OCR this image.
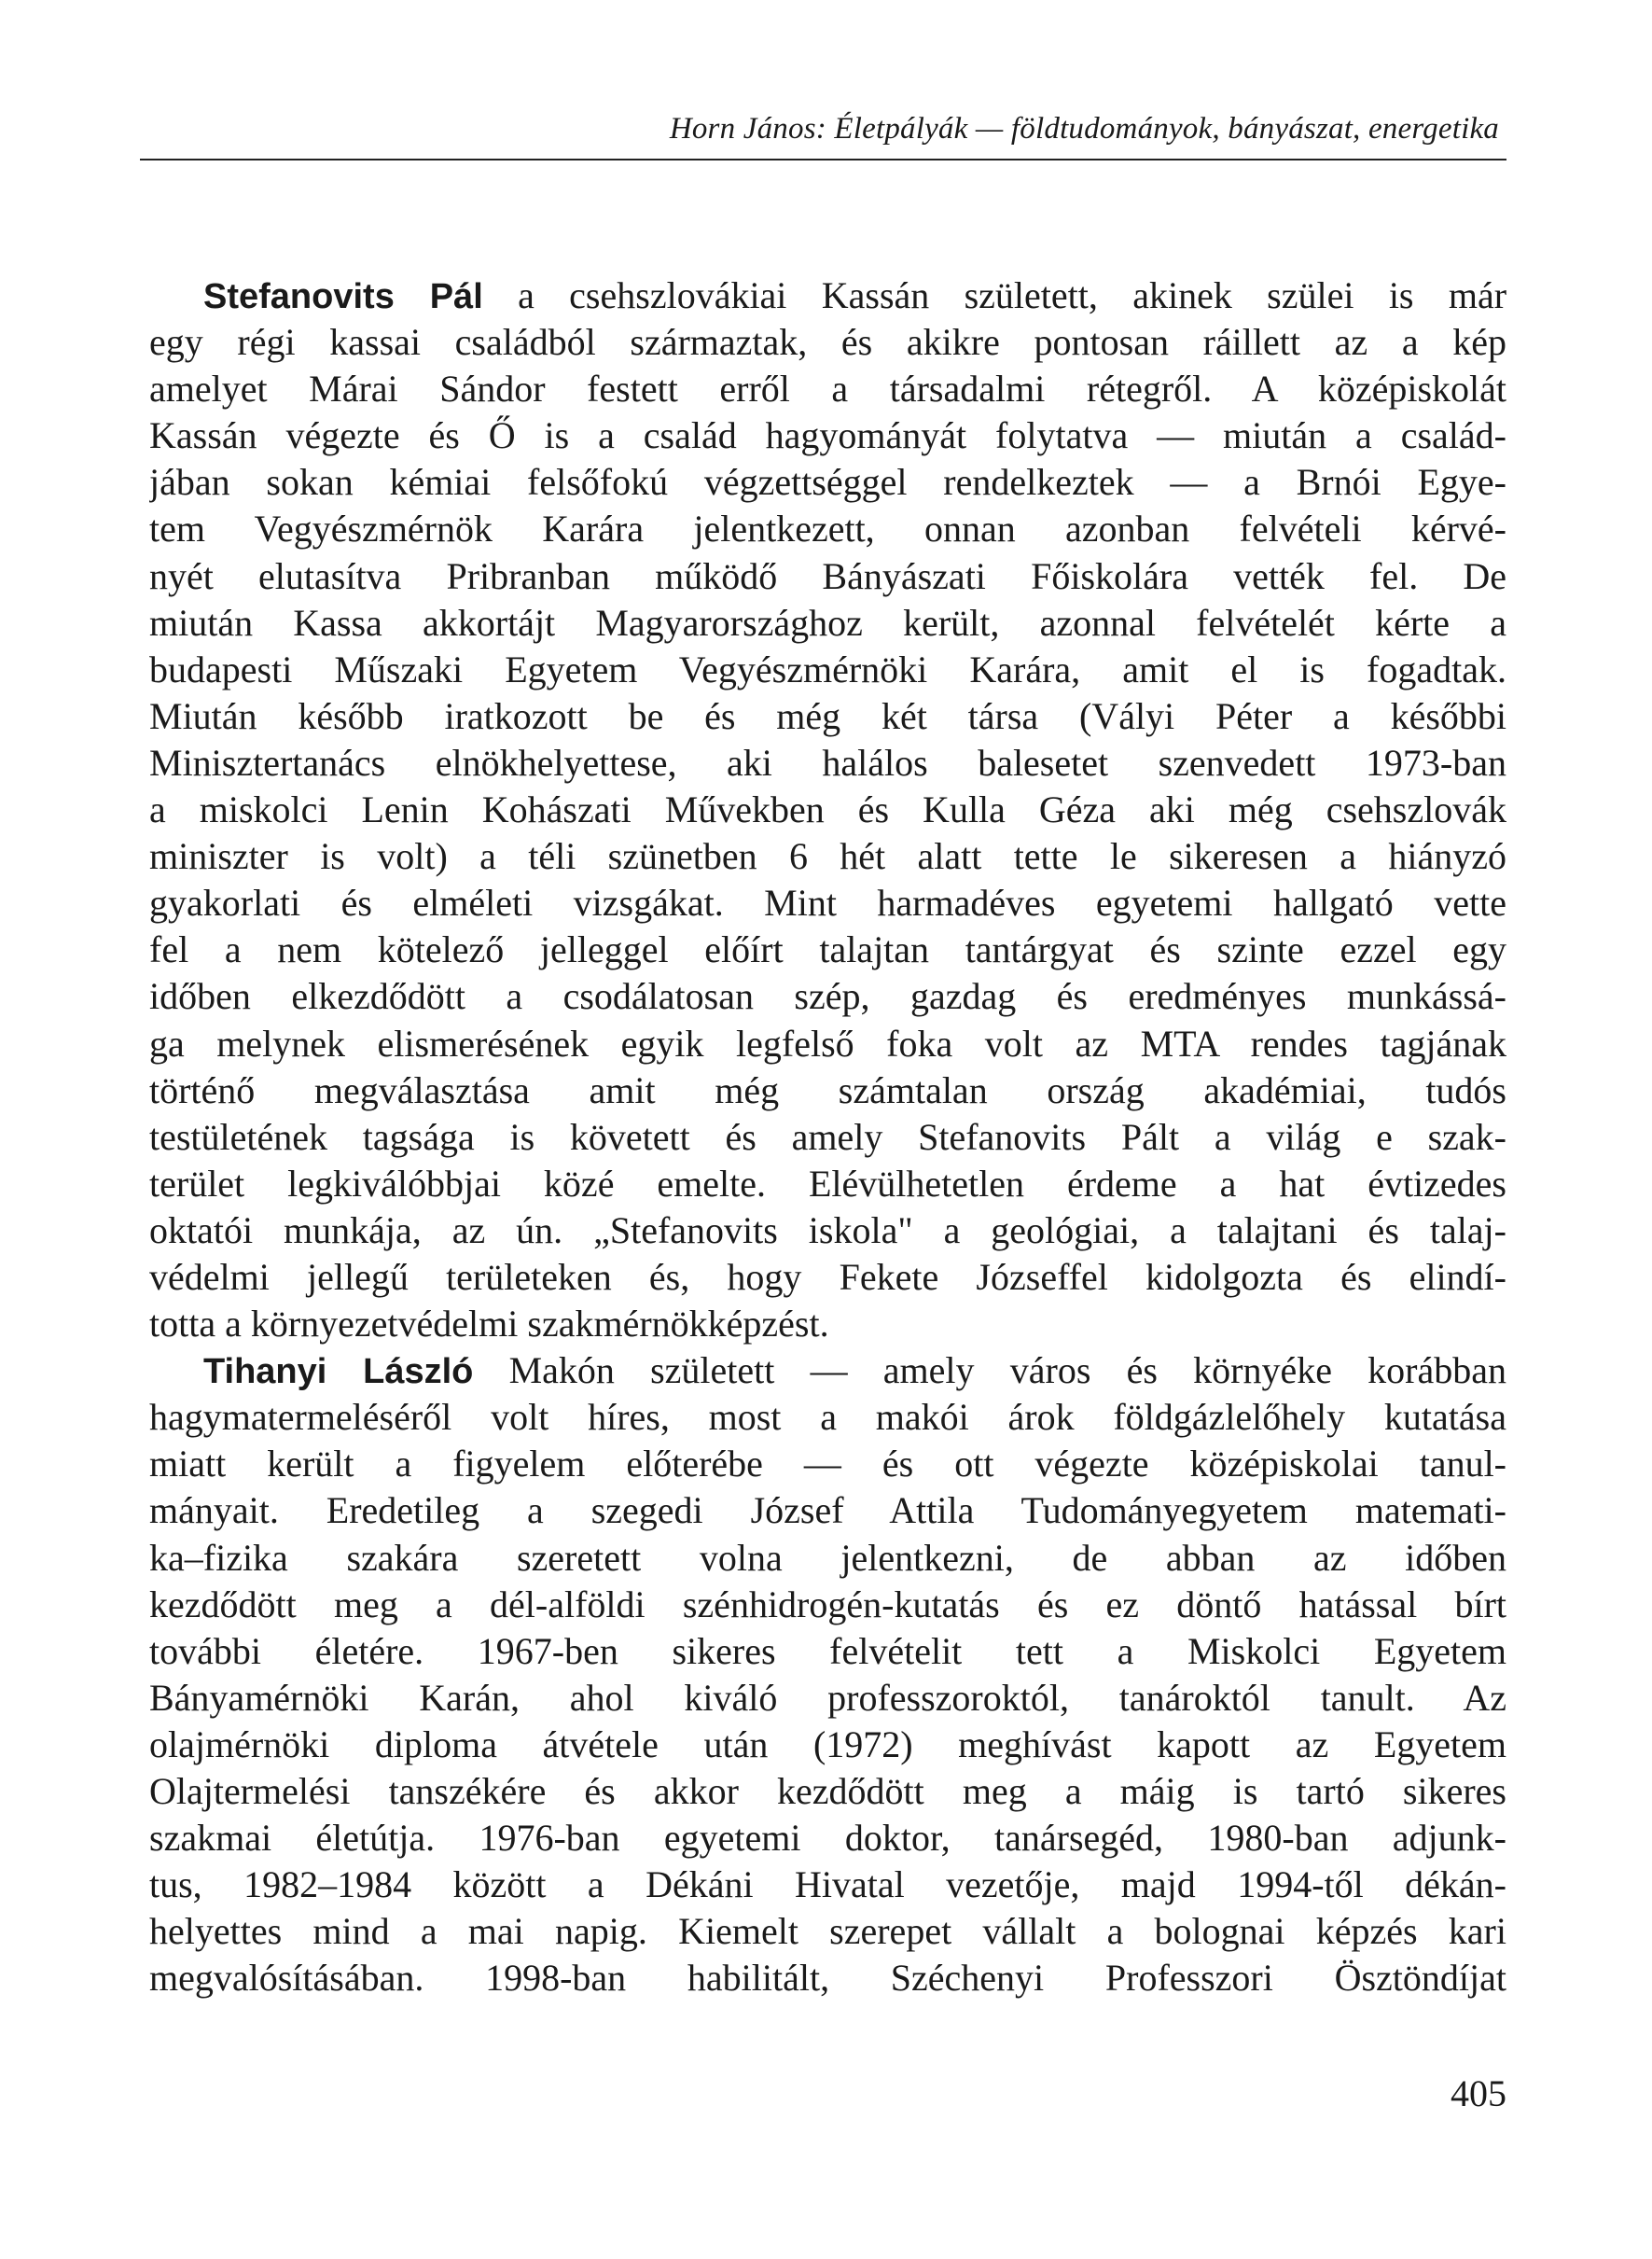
Horn János: Életpályák — földtudományok, bányászat, energetika
Stefanovits Pál a csehszlovákiai Kassán született, akinek szülei is már
egy régi kassai családból származtak, és akikre pontosan ráillett az a kép
amelyet Márai Sándor festett erről a társadalmi rétegről. A középiskolát
Kassán végezte és Ő is a család hagyományát folytatva — miután a család-
jában sokan kémiai felsőfokú végzettséggel rendelkeztek — a Brnói Egye-
tem Vegyészmérnök Karára jelentkezett, onnan azonban felvételi kérvé-
nyét elutasítva Pribranban működő Bányászati Főiskolára vették fel. De
miután Kassa akkortájt Magyarországhoz került, azonnal felvételét kérte a
budapesti Műszaki Egyetem Vegyészmérnöki Karára, amit el is fogadtak.
Miután később iratkozott be és még két társa (Vályi Péter a későbbi
Minisztertanács elnökhelyettese, aki halálos balesetet szenvedett 1973-ban
a miskolci Lenin Kohászati Művekben és Kulla Géza aki még csehszlovák
miniszter is volt) a téli szünetben 6 hét alatt tette le sikeresen a hiányzó
gyakorlati és elméleti vizsgákat. Mint harmadéves egyetemi hallgató vette
fel a nem kötelező jelleggel előírt talajtan tantárgyat és szinte ezzel egy
időben elkezdődött a csodálatosan szép, gazdag és eredményes munkássá-
ga melynek elismerésének egyik legfelső foka volt az MTA rendes tagjának
történő megválasztása amit még számtalan ország akadémiai, tudós
testületének tagsága is követett és amely Stefanovits Pált a világ e szak-
terület legkiválóbbjai közé emelte. Elévülhetetlen érdeme a hat évtizedes
oktatói munkája, az ún. „Stefanovits iskola" a geológiai, a talajtani és talaj-
védelmi jellegű területeken és, hogy Fekete Józseffel kidolgozta és elindí-
totta a környezetvédelmi szakmérnökképzést.
Tihanyi László Makón született — amely város és környéke korábban
hagymatermeléséről volt híres, most a makói árok földgázlelőhely kutatása
miatt került a figyelem előterébe — és ott végezte középiskolai tanul-
mányait. Eredetileg a szegedi József Attila Tudományegyetem matemati-
ka–fizika szakára szeretett volna jelentkezni, de abban az időben
kezdődött meg a dél-alföldi szénhidrogén-kutatás és ez döntő hatással bírt
további életére. 1967-ben sikeres felvételit tett a Miskolci Egyetem
Bányamérnöki Karán, ahol kiváló professzoroktól, tanároktól tanult. Az
olajmérnöki diploma átvétele után (1972) meghívást kapott az Egyetem
Olajtermelési tanszékére és akkor kezdődött meg a máig is tartó sikeres
szakmai életútja. 1976-ban egyetemi doktor, tanársegéd, 1980-ban adjunk-
tus, 1982–1984 között a Dékáni Hivatal vezetője, majd 1994-től dékán-
helyettes mind a mai napig. Kiemelt szerepet vállalt a bolognai képzés kari
megvalósításában. 1998-ban habilitált, Széchenyi Professzori Ösztöndíjat
405
